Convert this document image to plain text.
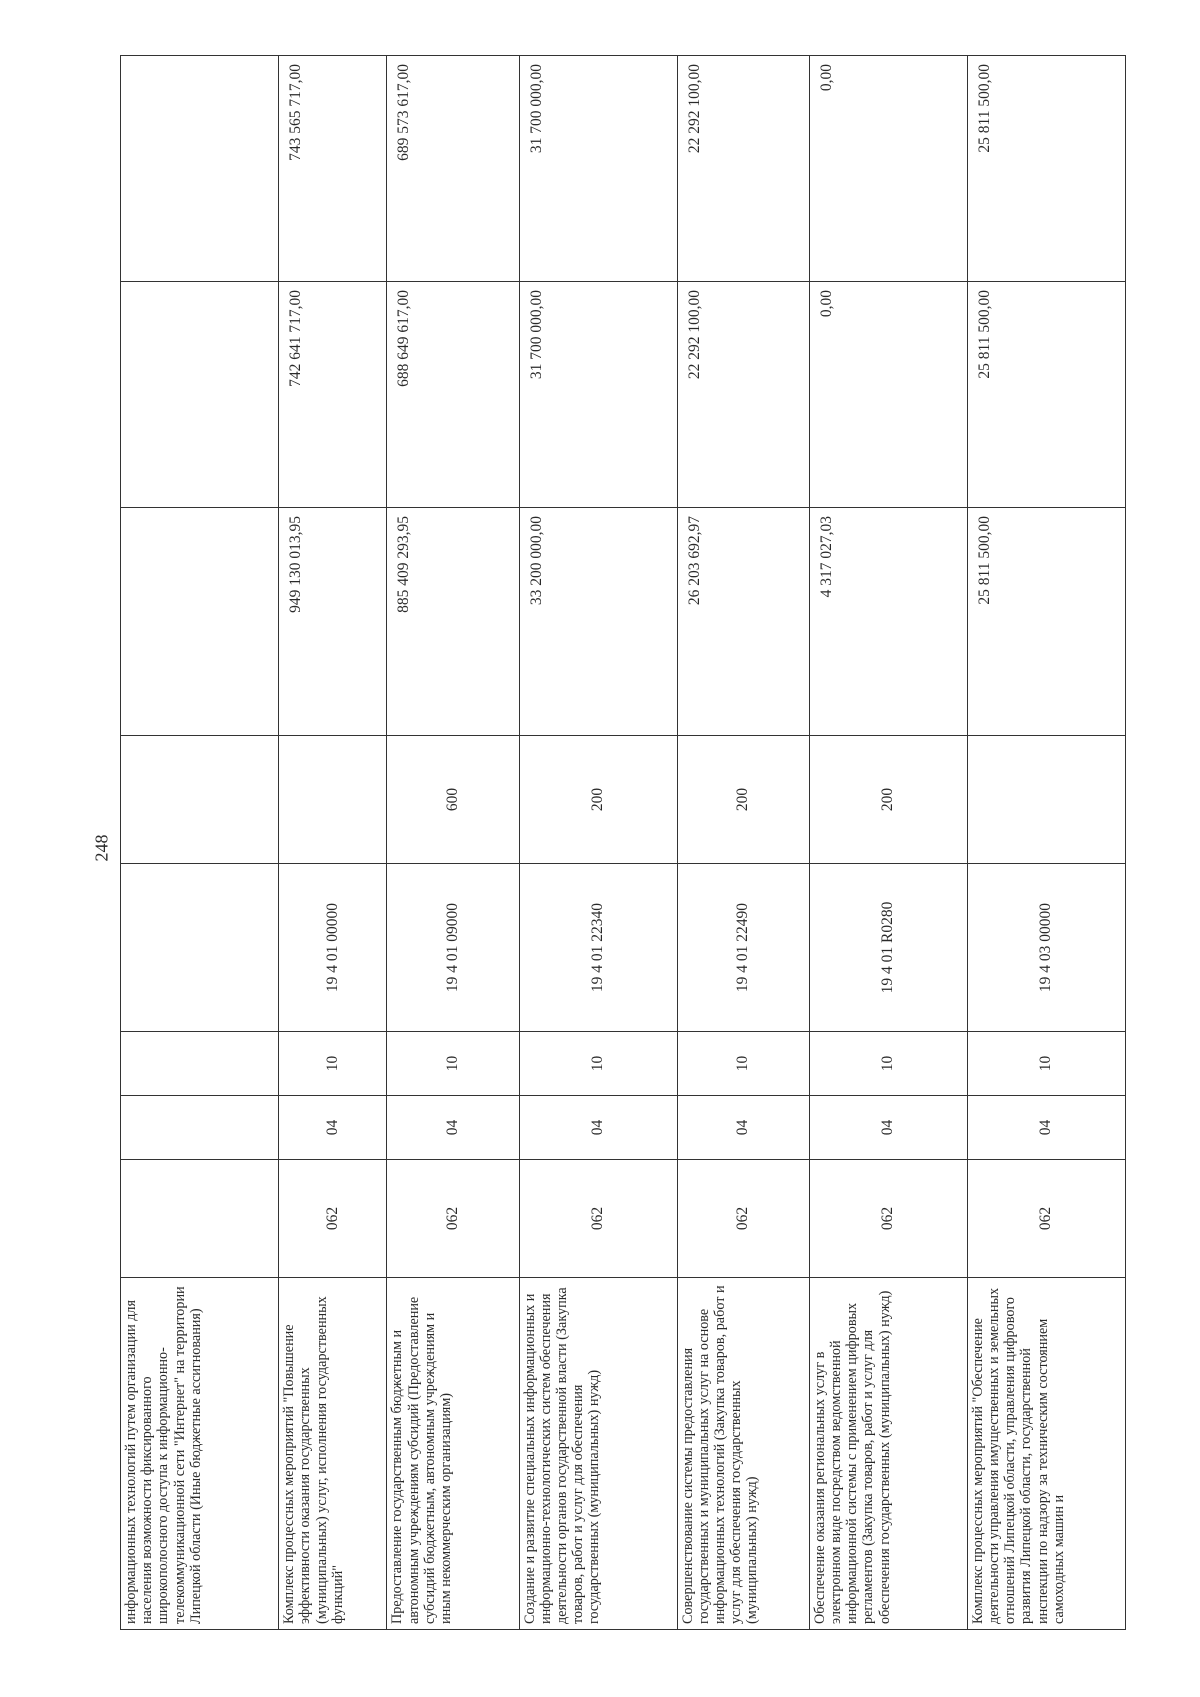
248
информационных технологий путем организации для населения возможности фиксированного широкополосного доступа к информационно-телекоммуникационной сети "Интернет" на территории Липецкой области (Иные бюджетные ассигнования)								
Комплекс процессных мероприятий "Повышение эффективности оказания государственных (муниципальных) услуг, исполнения государственных функций"	062	04	10	19 4 01 00000		949 130 013,95	742 641 717,00	743 565 717,00
Предоставление государственным бюджетным и автономным учреждениям субсидий (Предоставление субсидий бюджетным, автономным учреждениям и иным некоммерческим организациям)	062	04	10	19 4 01 09000	600	885 409 293,95	688 649 617,00	689 573 617,00
Создание и развитие специальных информационных и информационно-технологических систем обеспечения деятельности органов государственной власти (Закупка товаров, работ и услуг для обеспечения государственных (муниципальных) нужд)	062	04	10	19 4 01 22340	200	33 200 000,00	31 700 000,00	31 700 000,00
Совершенствование системы предоставления государственных и муниципальных услуг на основе информационных технологий (Закупка товаров, работ и услуг для обеспечения государственных (муниципальных) нужд)	062	04	10	19 4 01 22490	200	26 203 692,97	22 292 100,00	22 292 100,00
Обеспечение оказания региональных услуг в электронном виде посредством ведомственной информационной системы с применением цифровых регламентов (Закупка товаров, работ и услуг для обеспечения государственных (муниципальных) нужд)	062	04	10	19 4 01 R0280	200	4 317 027,03	0,00	0,00
Комплекс процессных мероприятий "Обеспечение деятельности управления имущественных и земельных отношений Липецкой области, управления цифрового развития Липецкой области, государственной инспекции по надзору за техническим состоянием самоходных машин и	062	04	10	19 4 03 00000		25 811 500,00	25 811 500,00	25 811 500,00
